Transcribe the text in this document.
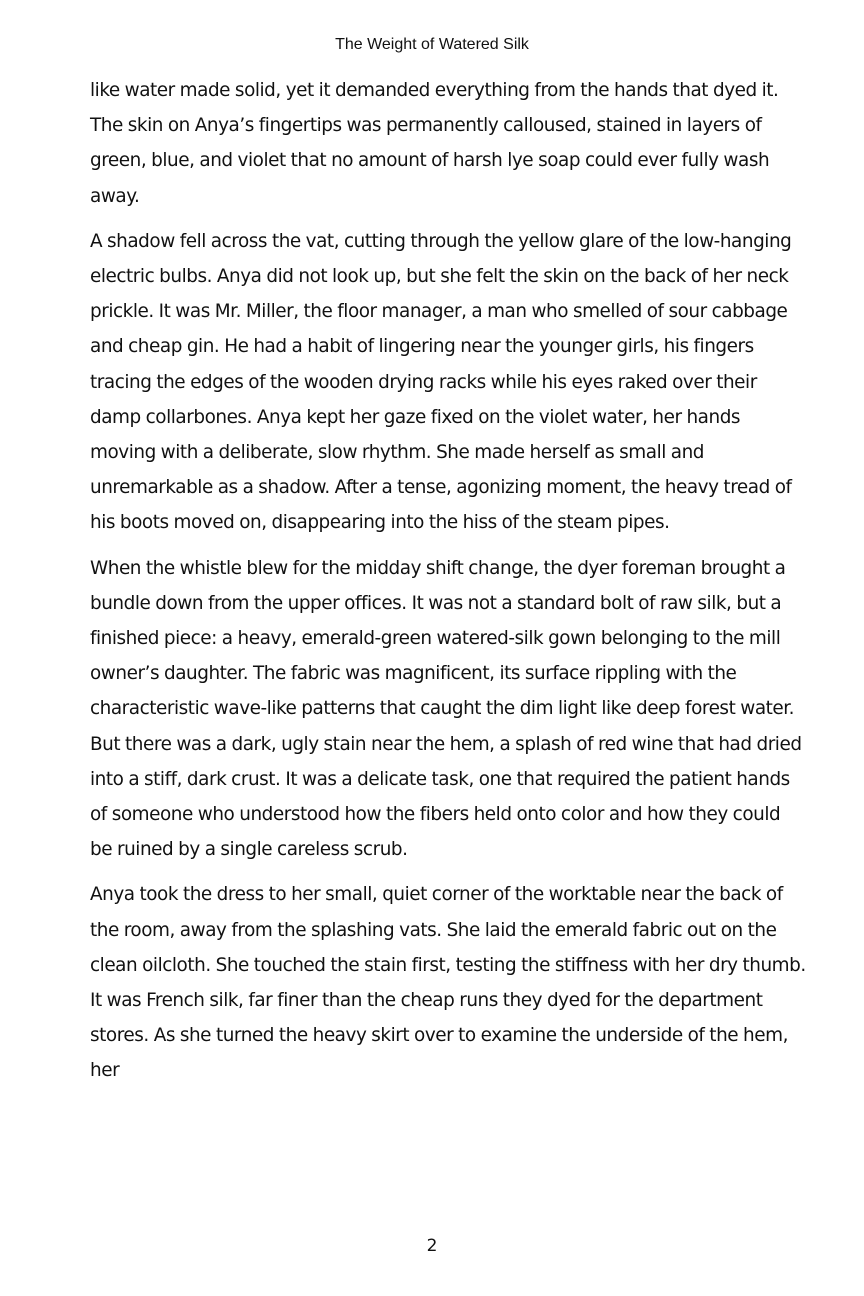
The Weight of Watered Silk

like water made solid, yet it demanded everything from the hands that dyed it. The skin on Anya’s fingertips was permanently calloused, stained in layers of green, blue, and violet that no amount of harsh lye soap could ever fully wash away.

A shadow fell across the vat, cutting through the yellow glare of the low-hanging electric bulbs. Anya did not look up, but she felt the skin on the back of her neck prickle. It was Mr. Miller, the floor manager, a man who smelled of sour cabbage and cheap gin. He had a habit of lingering near the younger girls, his fingers tracing the edges of the wooden drying racks while his eyes raked over their damp collarbones. Anya kept her gaze fixed on the violet water, her hands moving with a deliberate, slow rhythm. She made herself as small and unremarkable as a shadow. After a tense, agonizing moment, the heavy tread of his boots moved on, disappearing into the hiss of the steam pipes.

When the whistle blew for the midday shift change, the dyer foreman brought a bundle down from the upper offices. It was not a standard bolt of raw silk, but a finished piece: a heavy, emerald-green watered-silk gown belonging to the mill owner’s daughter. The fabric was magnificent, its surface rippling with the characteristic wave-like patterns that caught the dim light like deep forest water. But there was a dark, ugly stain near the hem, a splash of red wine that had dried into a stiff, dark crust. It was a delicate task, one that required the patient hands of someone who understood how the fibers held onto color and how they could be ruined by a single careless scrub.

Anya took the dress to her small, quiet corner of the worktable near the back of the room, away from the splashing vats. She laid the emerald fabric out on the clean oilcloth. She touched the stain first, testing the stiffness with her dry thumb. It was French silk, far finer than the cheap runs they dyed for the department stores. As she turned the heavy skirt over to examine the underside of the hem, her

2
